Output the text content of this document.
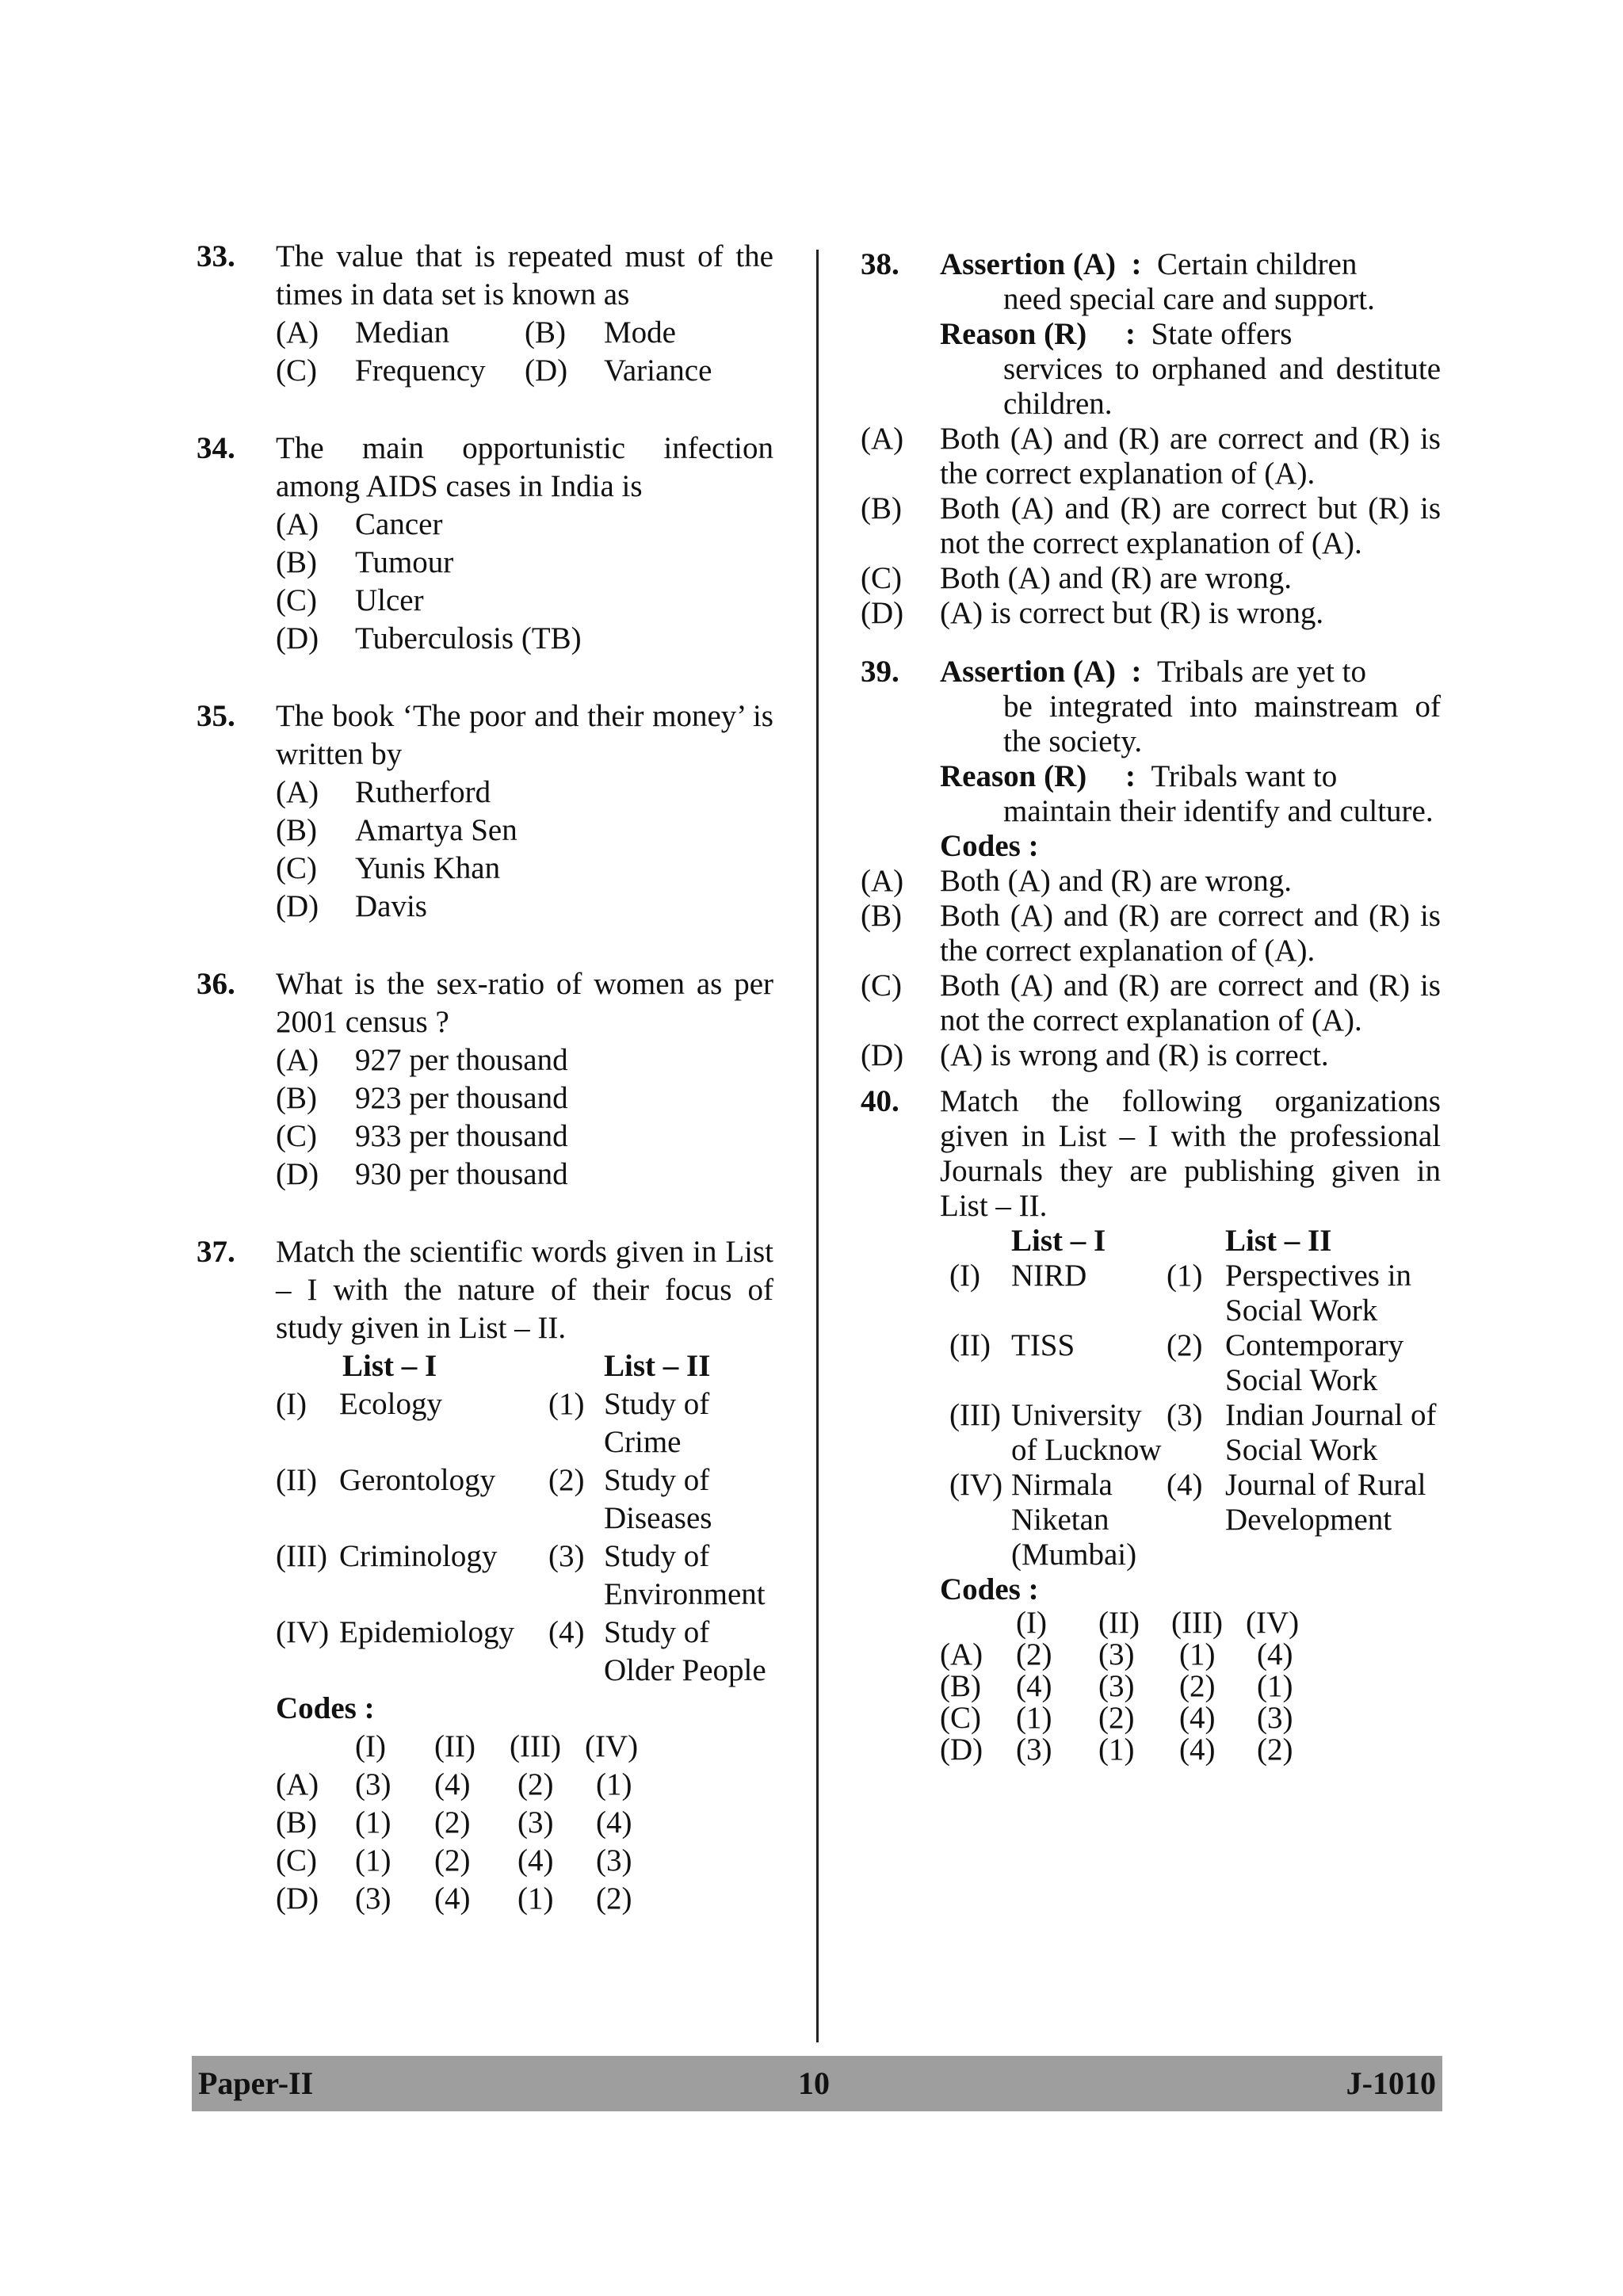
33. The value that is repeated must of the times in data set is known as
(A) Median	(B) Mode
(C) Frequency	(D) Variance
34. The main opportunistic infection among AIDS cases in India is
(A) Cancer
(B) Tumour
(C) Ulcer
(D) Tuberculosis (TB)
35. The book ‘The poor and their money’ is written by
(A) Rutherford
(B) Amartya Sen
(C) Yunis Khan
(D) Davis
36. What is the sex-ratio of women as per 2001 census ?
(A) 927 per thousand
(B) 923 per thousand
(C) 933 per thousand
(D) 930 per thousand
37. Match the scientific words given in List – I with the nature of their focus of study given in List – II.
	List – I		List – II
(I)	Ecology	(1)	Study of Crime
(II)	Gerontology	(2)	Study of Diseases
(III)	Criminology	(3)	Study of Environment
(IV)	Epidemiology	(4)	Study of Older People
Codes :
	(I)	(II)	(III)	(IV)
(A)	(3)	(4)	(2)	(1)
(B)	(1)	(2)	(3)	(4)
(C)	(1)	(2)	(4)	(3)
(D)	(3)	(4)	(1)	(2)
38. Assertion (A) : Certain children
need special care and support.
Reason (R) : State offers
services to orphaned and destitute children.
(A) Both (A) and (R) are correct and (R) is the correct explanation of (A).
(B) Both (A) and (R) are correct but (R) is not the correct explanation of (A).
(C) Both (A) and (R) are wrong.
(D) (A) is correct but (R) is wrong.
39. Assertion (A) : Tribals are yet to
be integrated into mainstream of the society.
Reason (R) : Tribals want to
maintain their identify and culture.
Codes :
(A) Both (A) and (R) are wrong.
(B) Both (A) and (R) are correct and (R) is the correct explanation of (A).
(C) Both (A) and (R) are correct and (R) is not the correct explanation of (A).
(D) (A) is wrong and (R) is correct.
40. Match the following organizations given in List – I with the professional Journals they are publishing given in List – II.
	List – I		List – II
(I)	NIRD	(1)	Perspectives in Social Work
(II)	TISS	(2)	Contemporary Social Work
(III)	University of Lucknow	(3)	Indian Journal of Social Work
(IV)	Nirmala Niketan (Mumbai)	(4)	Journal of Rural Development
Codes :
	(I)	(II)	(III)	(IV)
(A)	(2)	(3)	(1)	(4)
(B)	(4)	(3)	(2)	(1)
(C)	(1)	(2)	(4)	(3)
(D)	(3)	(1)	(4)	(2)
Paper-II	10	J-1010
